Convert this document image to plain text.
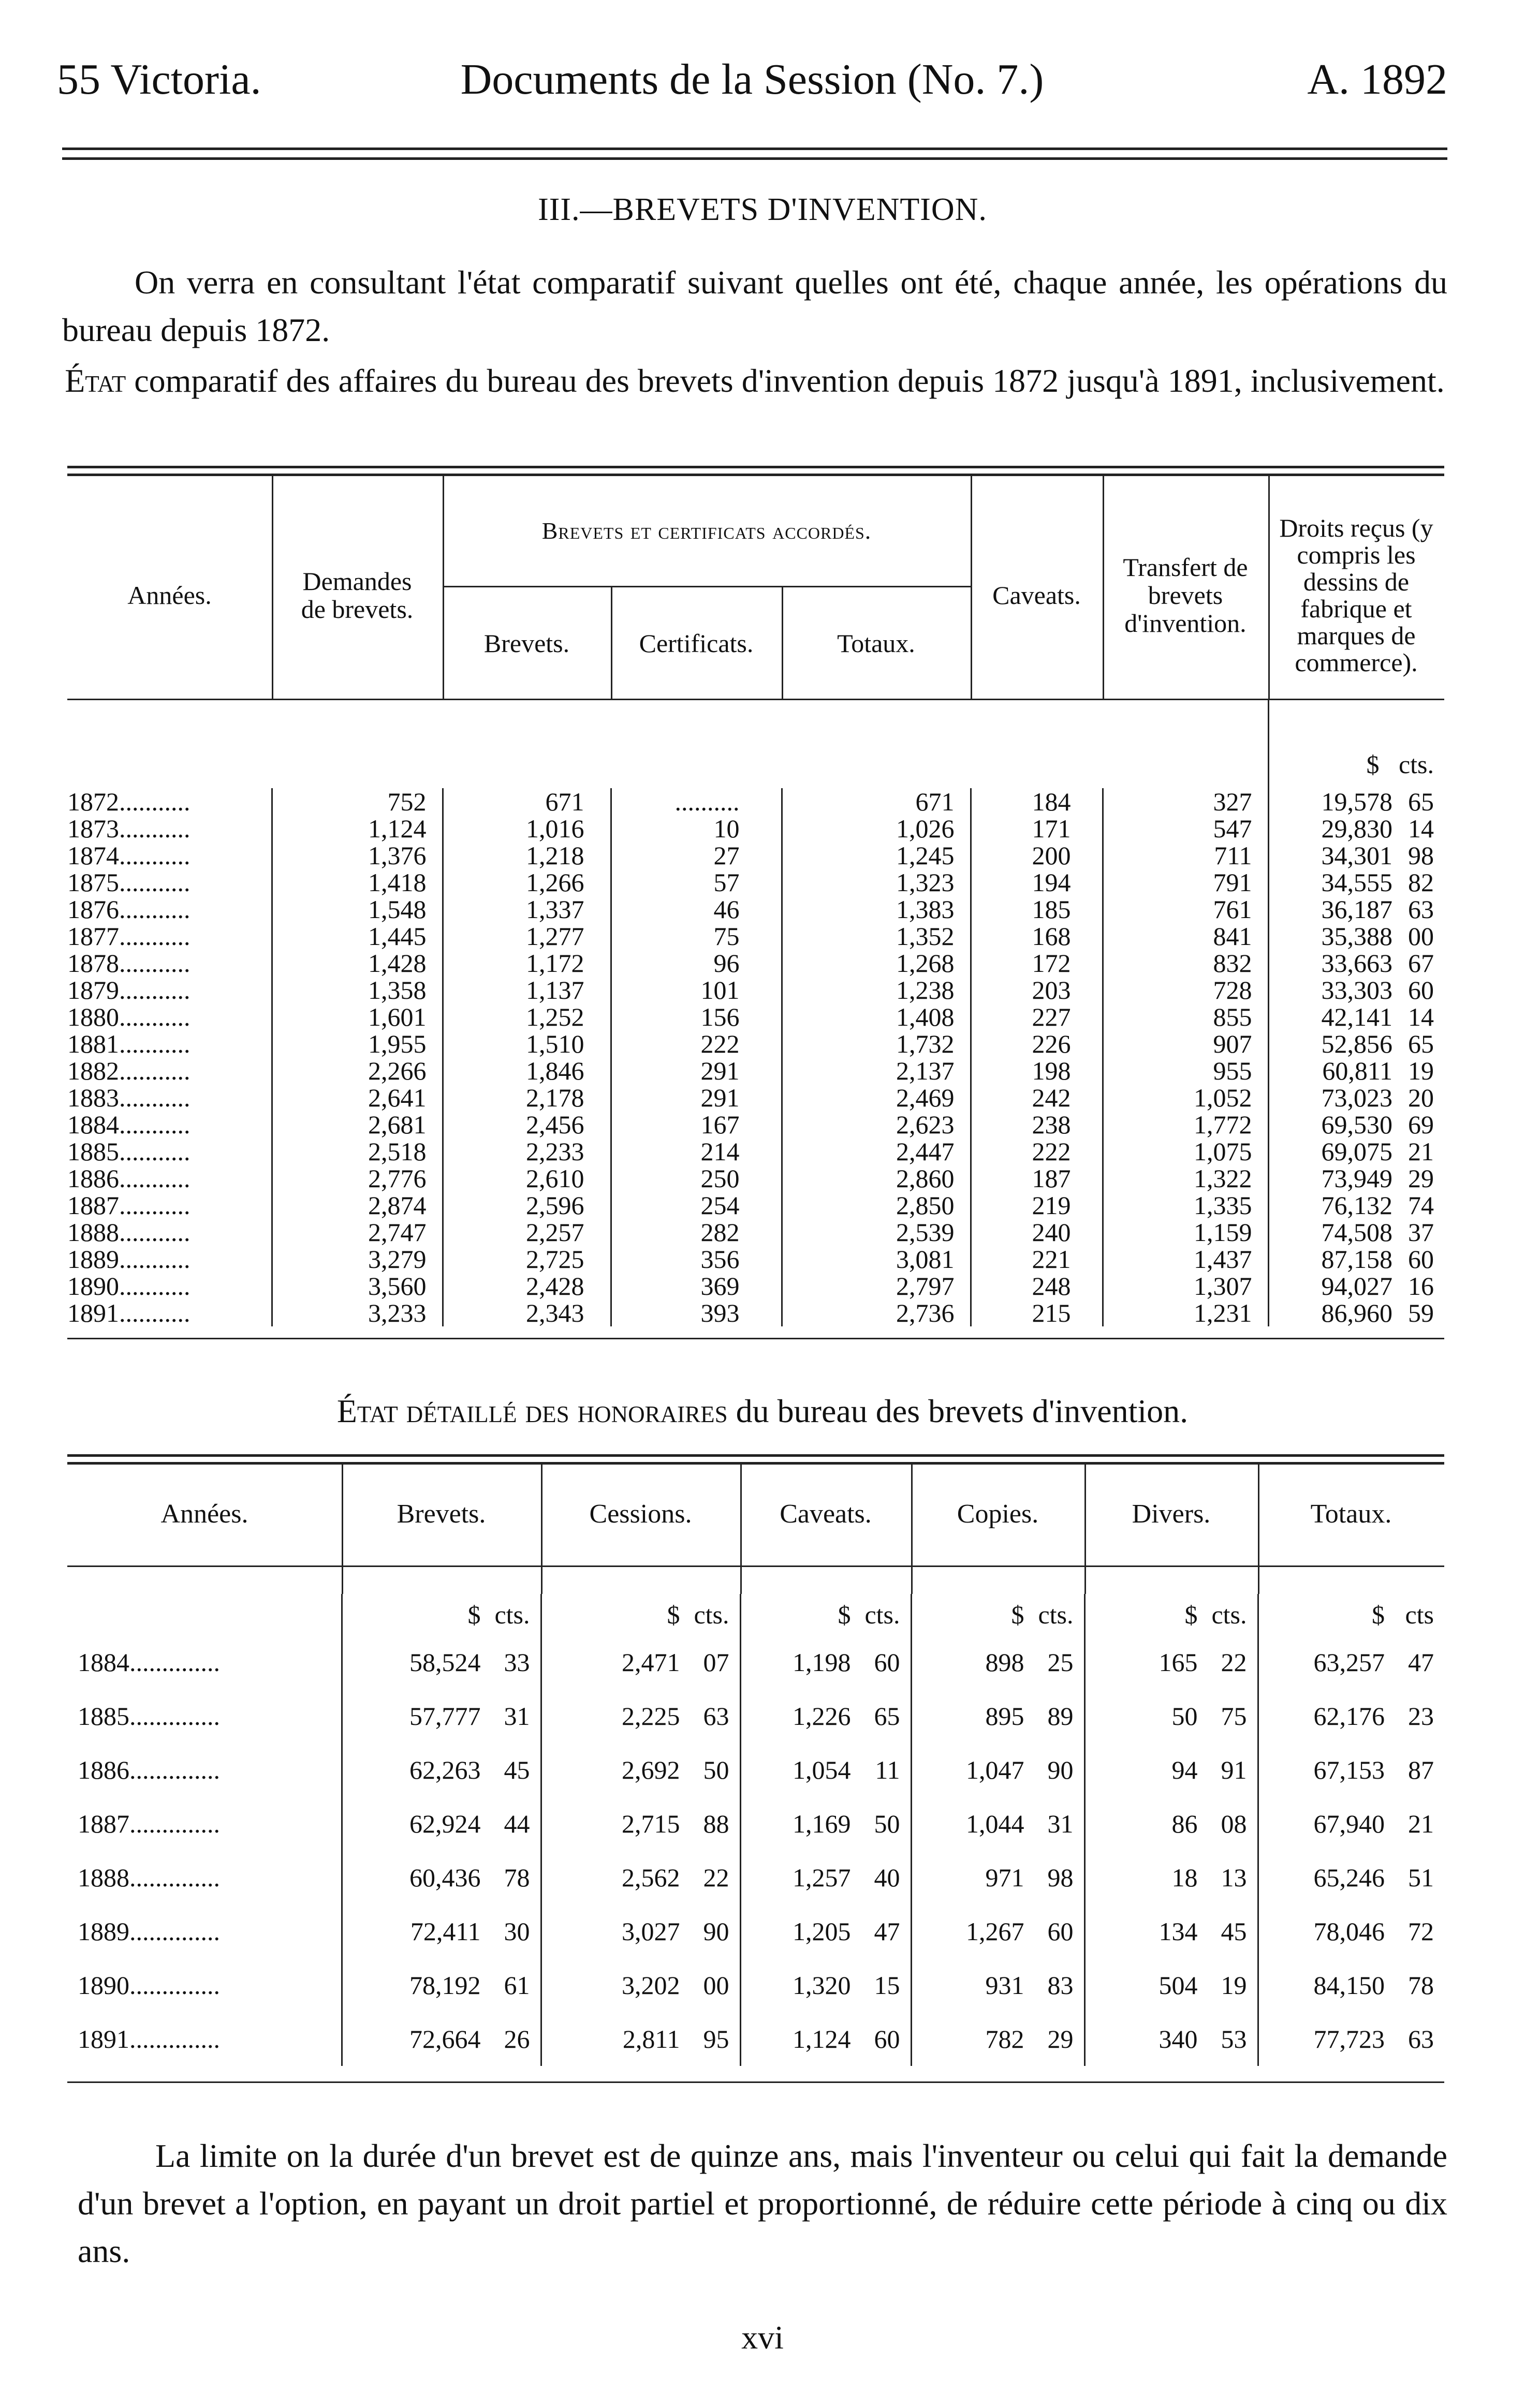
55 Victoria.	Documents de la Session (No. 7.)	A. 1892
III.—BREVETS D'INVENTION.
On verra en consultant l'état comparatif suivant quelles ont été, chaque année, les opérations du bureau depuis 1872.
État comparatif des affaires du bureau des brevets d'invention depuis 1872 jusqu'à 1891, inclusivement.
Années.	Demandes de brevets.
Brevets et certificats accordés.
Brevets.	Certificats.	Totaux.
Caveats.
Transfert de brevets d'invention.
Droits reçus (y compris les dessins de fabrique et marques de commerce).
							$ cts.
1872...........	752	671	..........	671	184	327	19,578 65
1873...........	1,124	1,016	10	1,026	171	547	29,830 14
1874...........	1,376	1,218	27	1,245	200	711	34,301 98
1875...........	1,418	1,266	57	1,323	194	791	34,555 82
1876...........	1,548	1,337	46	1,383	185	761	36,187 63
1877...........	1,445	1,277	75	1,352	168	841	35,388 00
1878...........	1,428	1,172	96	1,268	172	832	33,663 67
1879...........	1,358	1,137	101	1,238	203	728	33,303 60
1880...........	1,601	1,252	156	1,408	227	855	42,141 14
1881...........	1,955	1,510	222	1,732	226	907	52,856 65
1882...........	2,266	1,846	291	2,137	198	955	60,811 19
1883...........	2,641	2,178	291	2,469	242	1,052	73,023 20
1884...........	2,681	2,456	167	2,623	238	1,772	69,530 69
1885...........	2,518	2,233	214	2,447	222	1,075	69,075 21
1886...........	2,776	2,610	250	2,860	187	1,322	73,949 29
1887...........	2,874	2,596	254	2,850	219	1,335	76,132 74
1888...........	2,747	2,257	282	2,539	240	1,159	74,508 37
1889...........	3,279	2,725	356	3,081	221	1,437	87,158 60
1890...........	3,560	2,428	369	2,797	248	1,307	94,027 16
1891...........	3,233	2,343	393	2,736	215	1,231	86,960 59
État détaillé des honoraires du bureau des brevets d'invention.
Années.	Brevets.	Cessions.	Caveats.	Copies.	Divers.	Totaux.
	$ cts.	$ cts.	$ cts.	$ cts.	$ cts.	$ cts
1884..............	58,524 33	2,471 07	1,198 60	898 25	165 22	63,257 47
1885..............	57,777 31	2,225 63	1,226 65	895 89	50 75	62,176 23
1886..............	62,263 45	2,692 50	1,054 11	1,047 90	94 91	67,153 87
1887..............	62,924 44	2,715 88	1,169 50	1,044 31	86 08	67,940 21
1888..............	60,436 78	2,562 22	1,257 40	971 98	18 13	65,246 51
1889..............	72,411 30	3,027 90	1,205 47	1,267 60	134 45	78,046 72
1890..............	78,192 61	3,202 00	1,320 15	931 83	504 19	84,150 78
1891..............	72,664 26	2,811 95	1,124 60	782 29	340 53	77,723 63
La limite on la durée d'un brevet est de quinze ans, mais l'inventeur ou celui qui fait la demande d'un brevet a l'option, en payant un droit partiel et proportionné, de réduire cette période à cinq ou dix ans.
xvi
